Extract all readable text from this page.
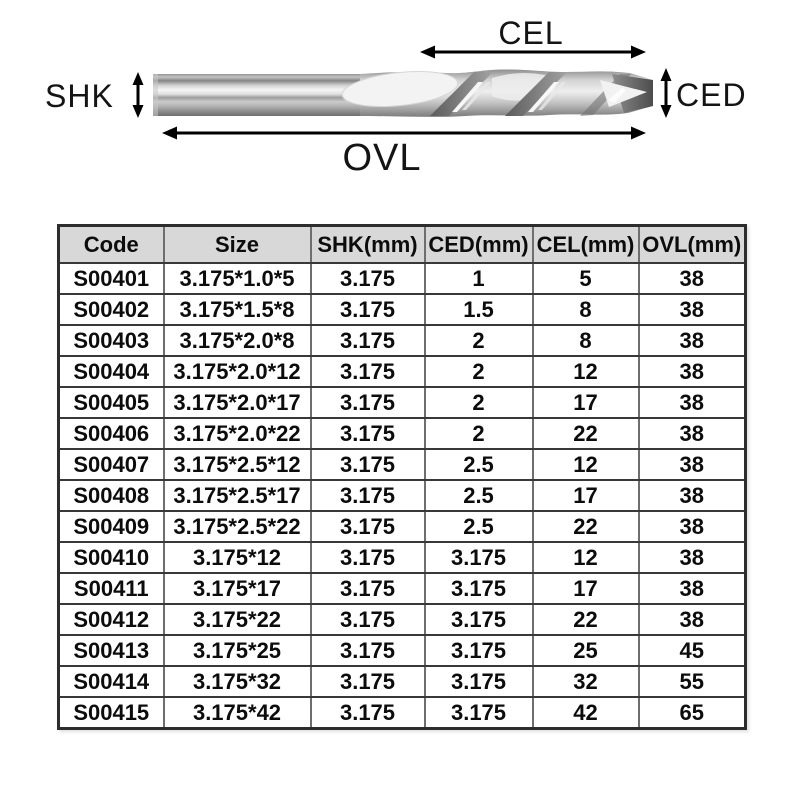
CEL
SHK	CED
OVL
Code	Size	SHK(mm)	CED(mm)	CEL(mm)	OVL(mm)
S00401	3.175*1.0*5	3.175	1	5	38
S00402	3.175*1.5*8	3.175	1.5	8	38
S00403	3.175*2.0*8	3.175	2	8	38
S00404	3.175*2.0*12	3.175	2	12	38
S00405	3.175*2.0*17	3.175	2	17	38
S00406	3.175*2.0*22	3.175	2	22	38
S00407	3.175*2.5*12	3.175	2.5	12	38
S00408	3.175*2.5*17	3.175	2.5	17	38
S00409	3.175*2.5*22	3.175	2.5	22	38
S00410	3.175*12	3.175	3.175	12	38
S00411	3.175*17	3.175	3.175	17	38
S00412	3.175*22	3.175	3.175	22	38
S00413	3.175*25	3.175	3.175	25	45
S00414	3.175*32	3.175	3.175	32	55
S00415	3.175*42	3.175	3.175	42	65
